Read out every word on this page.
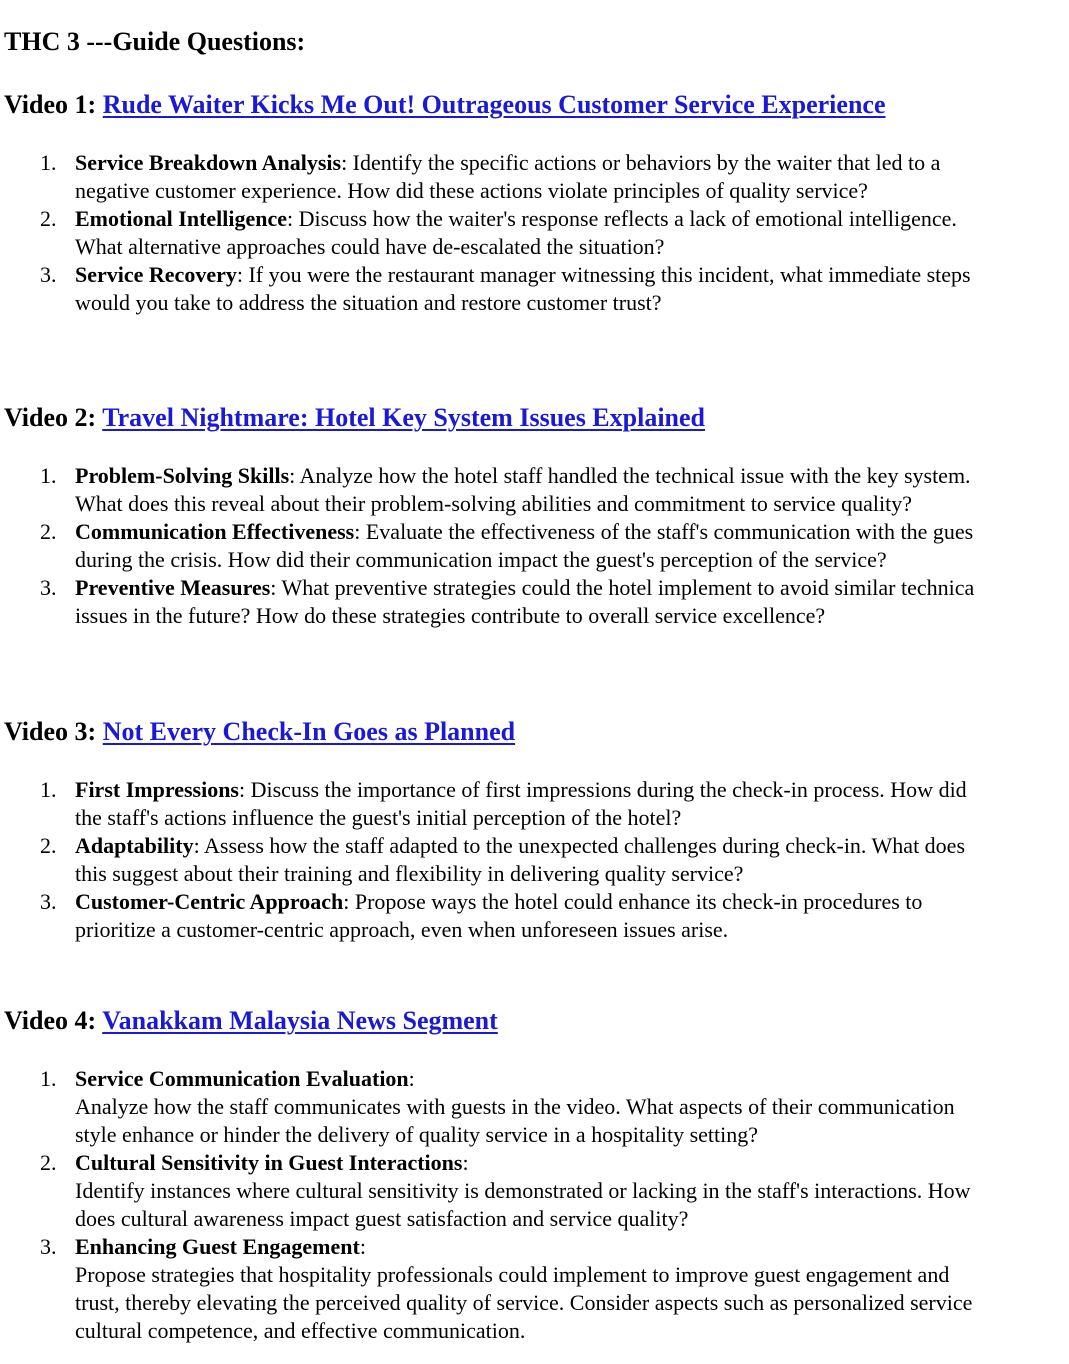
THC 3 ---Guide Questions:
Video 1: Rude Waiter Kicks Me Out! Outrageous Customer Service Experience
1. Service Breakdown Analysis: Identify the specific actions or behaviors by the waiter that led to a
negative customer experience. How did these actions violate principles of quality service?
2. Emotional Intelligence: Discuss how the waiter's response reflects a lack of emotional intelligence.
What alternative approaches could have de-escalated the situation?
3. Service Recovery: If you were the restaurant manager witnessing this incident, what immediate steps
would you take to address the situation and restore customer trust?
Video 2: Travel Nightmare: Hotel Key System Issues Explained
1. Problem-Solving Skills: Analyze how the hotel staff handled the technical issue with the key system.
What does this reveal about their problem-solving abilities and commitment to service quality?
2. Communication Effectiveness: Evaluate the effectiveness of the staff's communication with the gues
during the crisis. How did their communication impact the guest's perception of the service?
3. Preventive Measures: What preventive strategies could the hotel implement to avoid similar technica
issues in the future? How do these strategies contribute to overall service excellence?
Video 3: Not Every Check-In Goes as Planned
1. First Impressions: Discuss the importance of first impressions during the check-in process. How did
the staff's actions influence the guest's initial perception of the hotel?
2. Adaptability: Assess how the staff adapted to the unexpected challenges during check-in. What does
this suggest about their training and flexibility in delivering quality service?
3. Customer-Centric Approach: Propose ways the hotel could enhance its check-in procedures to
prioritize a customer-centric approach, even when unforeseen issues arise.
Video 4: Vanakkam Malaysia News Segment
1. Service Communication Evaluation:
Analyze how the staff communicates with guests in the video. What aspects of their communication
style enhance or hinder the delivery of quality service in a hospitality setting?
2. Cultural Sensitivity in Guest Interactions:
Identify instances where cultural sensitivity is demonstrated or lacking in the staff's interactions. How
does cultural awareness impact guest satisfaction and service quality?
3. Enhancing Guest Engagement:
Propose strategies that hospitality professionals could implement to improve guest engagement and
trust, thereby elevating the perceived quality of service. Consider aspects such as personalized service
cultural competence, and effective communication.
